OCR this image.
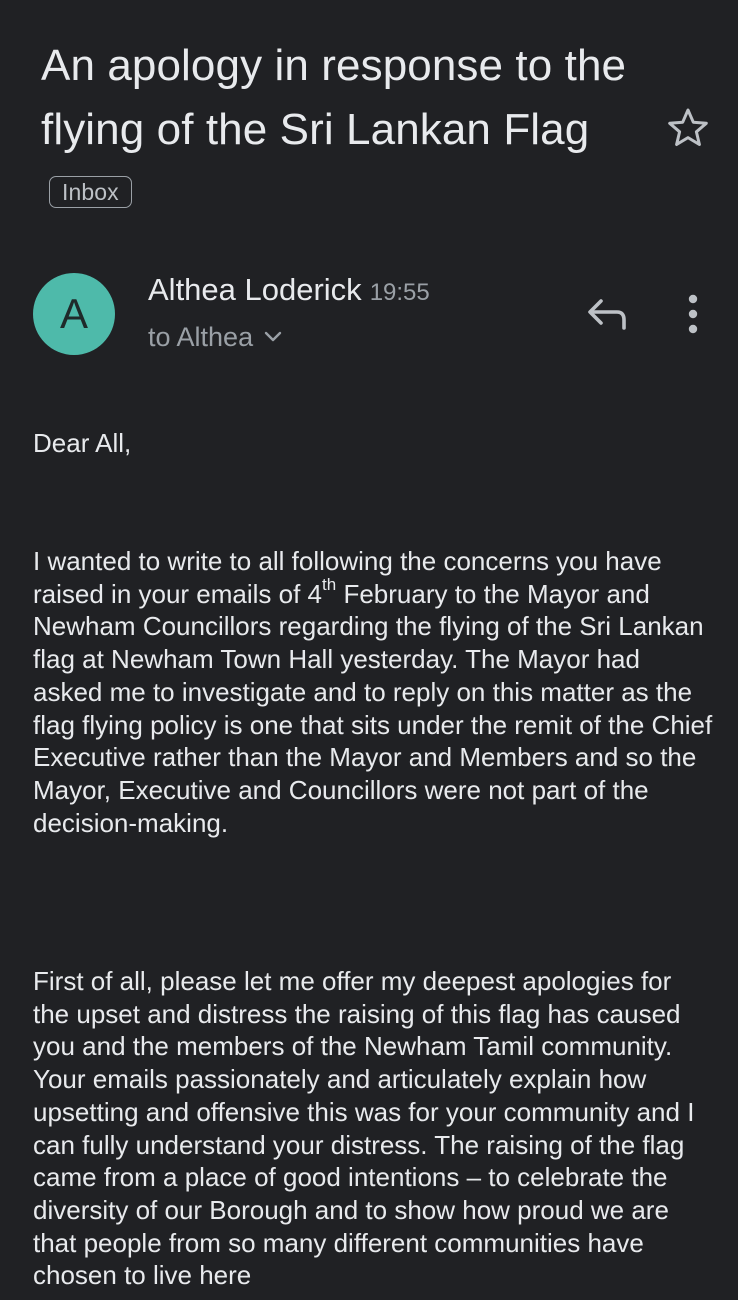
An apology in response to the flying of the Sri Lankan FlagInbox
A
Althea Loderick 19:55
to Althea
Dear All,

I wanted to write to all following the concerns you have raised in your emails of 4th February to the Mayor and Newham Councillors regarding the flying of the Sri Lankan flag at Newham Town Hall yesterday. The Mayor had asked me to investigate and to reply on this matter as the flag flying policy is one that sits under the remit of the Chief Executive rather than the Mayor and Members and so the Mayor, Executive and Councillors were not part of the decision-making.

First of all, please let me offer my deepest apologies for the upset and distress the raising of this flag has caused you and the members of the Newham Tamil community. Your emails passionately and articulately explain how upsetting and offensive this was for your community and I can fully understand your distress. The raising of the flag came from a place of good intentions – to celebrate the diversity of our Borough and to show how proud we are that people from so many different communities have chosen to live here
